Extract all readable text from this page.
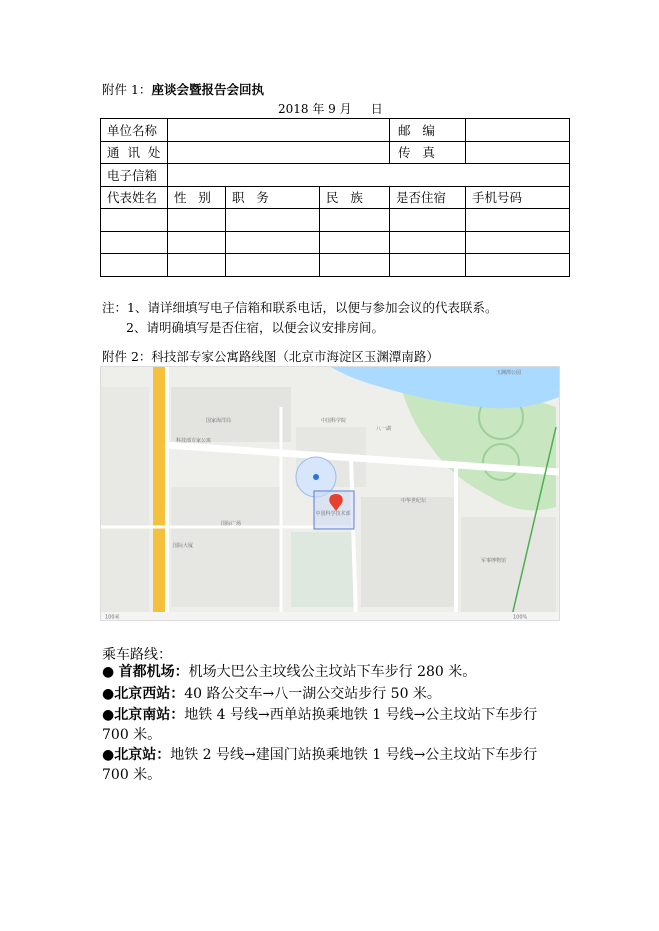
附件 1：座谈会暨报告会回执
2018 年 9 月     日
单位名称				邮   编	
通  讯  处				传   真	
电子信箱					
代表姓名	性   别	职   务	民   族	是否住宿	手机号码

注：1、请详细填写电子信箱和联系电话，以便与参加会议的代表联系。
2、请明确填写是否住宿，以便会议安排房间。
附件 2：科技部专家公寓路线图（北京市海淀区玉渊潭南路）
中国科学技术部
科技部专家公寓
中国科学院
八一湖
玉渊潭公园
国家海洋局
中华世纪坛
国际广场
国际大厦
军事博物馆
100米	100%
乘车路线：
● 首都机场：机场大巴公主坟线公主坟站下车步行 280 米。
●北京西站：40 路公交车→八一湖公交站步行 50 米。
●北京南站：地铁 4 号线→西单站换乘地铁 1 号线→公主坟站下车步行 700 米。
●北京站：地铁 2 号线→建国门站换乘地铁 1 号线→公主坟站下车步行 700 米。
